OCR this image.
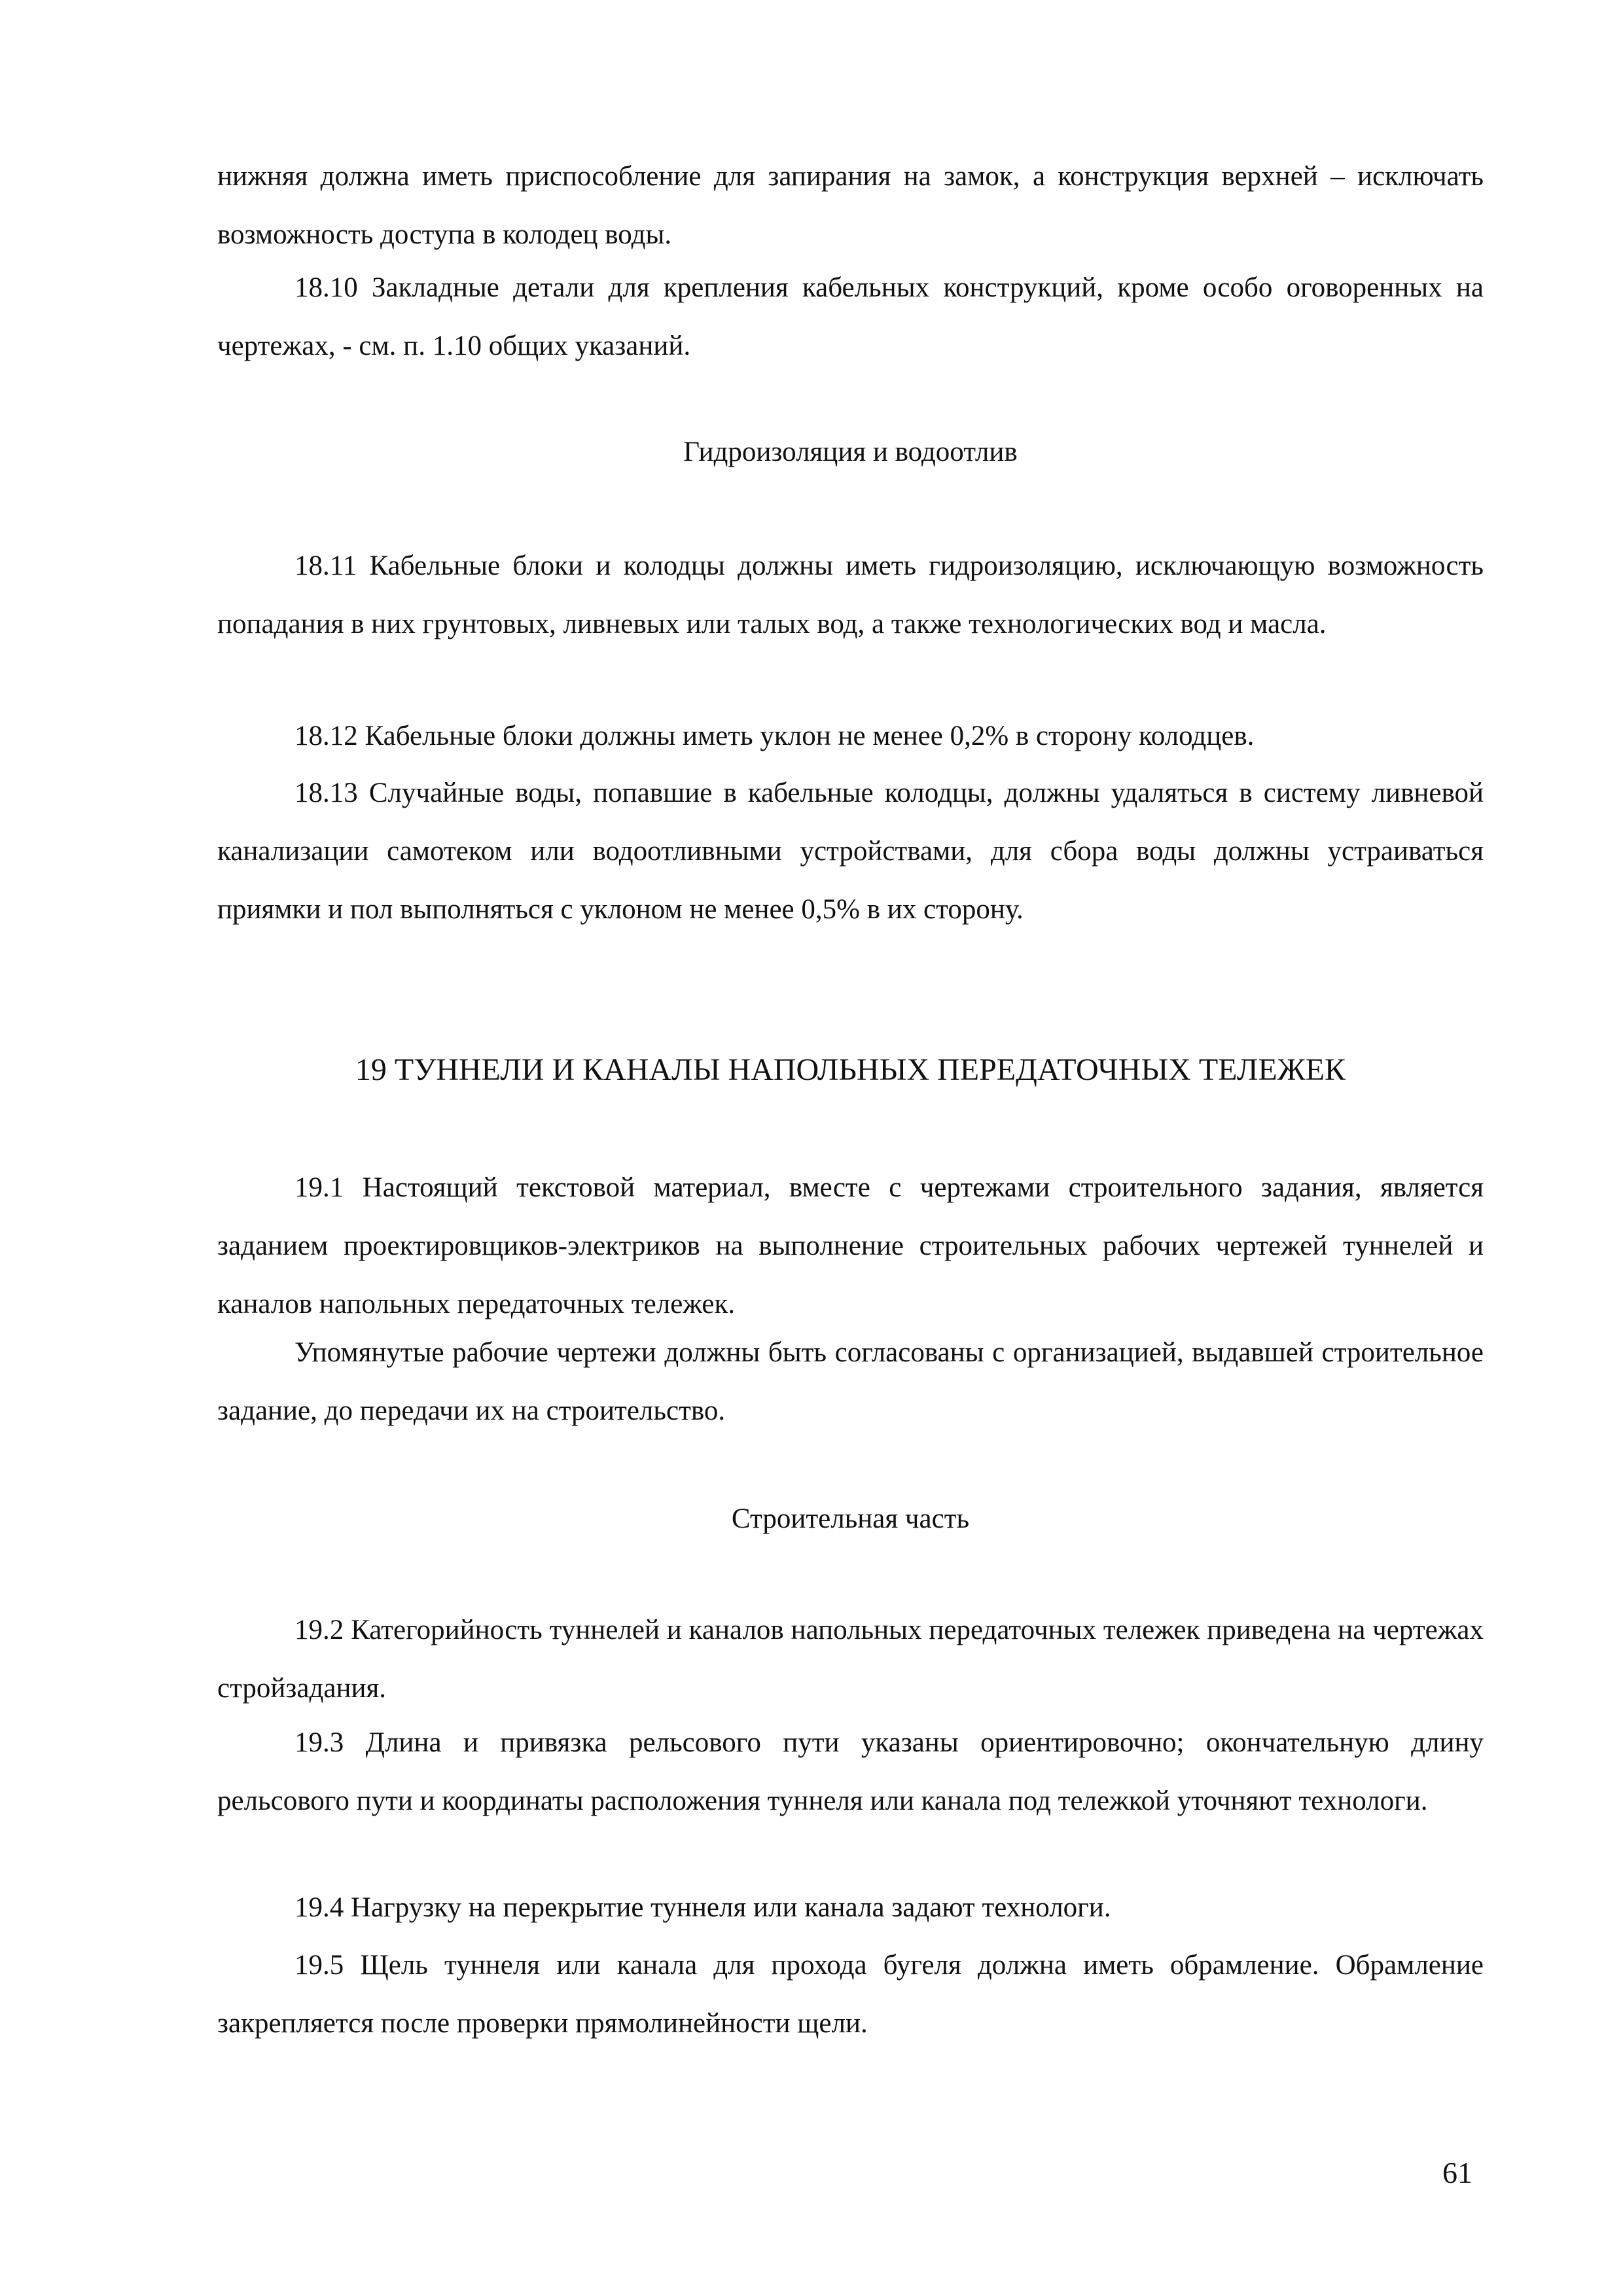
нижняя должна иметь приспособление для запирания на замок, а конструкция верхней – исключать возможность доступа в колодец воды.

18.10 Закладные детали для крепления кабельных конструкций, кроме особо оговоренных на чертежах, - см. п. 1.10 общих указаний.

Гидроизоляция и водоотлив

18.11 Кабельные блоки и колодцы должны иметь гидроизоляцию, исключающую возможность попадания в них грунтовых, ливневых или талых вод, а также технологических вод и масла.

18.12 Кабельные блоки должны иметь уклон не менее 0,2% в сторону колодцев.

18.13 Случайные воды, попавшие в кабельные колодцы, должны удаляться в систему ливневой канализации самотеком или водоотливными устройствами, для сбора воды должны устраиваться приямки и пол выполняться с уклоном не менее 0,5% в их сторону.

19 ТУННЕЛИ И КАНАЛЫ НАПОЛЬНЫХ ПЕРЕДАТОЧНЫХ ТЕЛЕЖЕК

19.1 Настоящий текстовой материал, вместе с чертежами строительного задания, является заданием проектировщиков-электриков на выполнение строительных рабочих чертежей туннелей и каналов напольных передаточных тележек.

Упомянутые рабочие чертежи должны быть согласованы с организацией, выдавшей строительное задание, до передачи их на строительство.

Строительная часть

19.2 Категорийность туннелей и каналов напольных передаточных тележек приведена на чертежах стройзадания.

19.3 Длина и привязка рельсового пути указаны ориентировочно; окончательную длину рельсового пути и координаты расположения туннеля или канала под тележкой уточняют технологи.

19.4 Нагрузку на перекрытие туннеля или канала задают технологи.

19.5 Щель туннеля или канала для прохода бугеля должна иметь обрамление. Обрамление закрепляется после проверки прямолинейности щели.

61
